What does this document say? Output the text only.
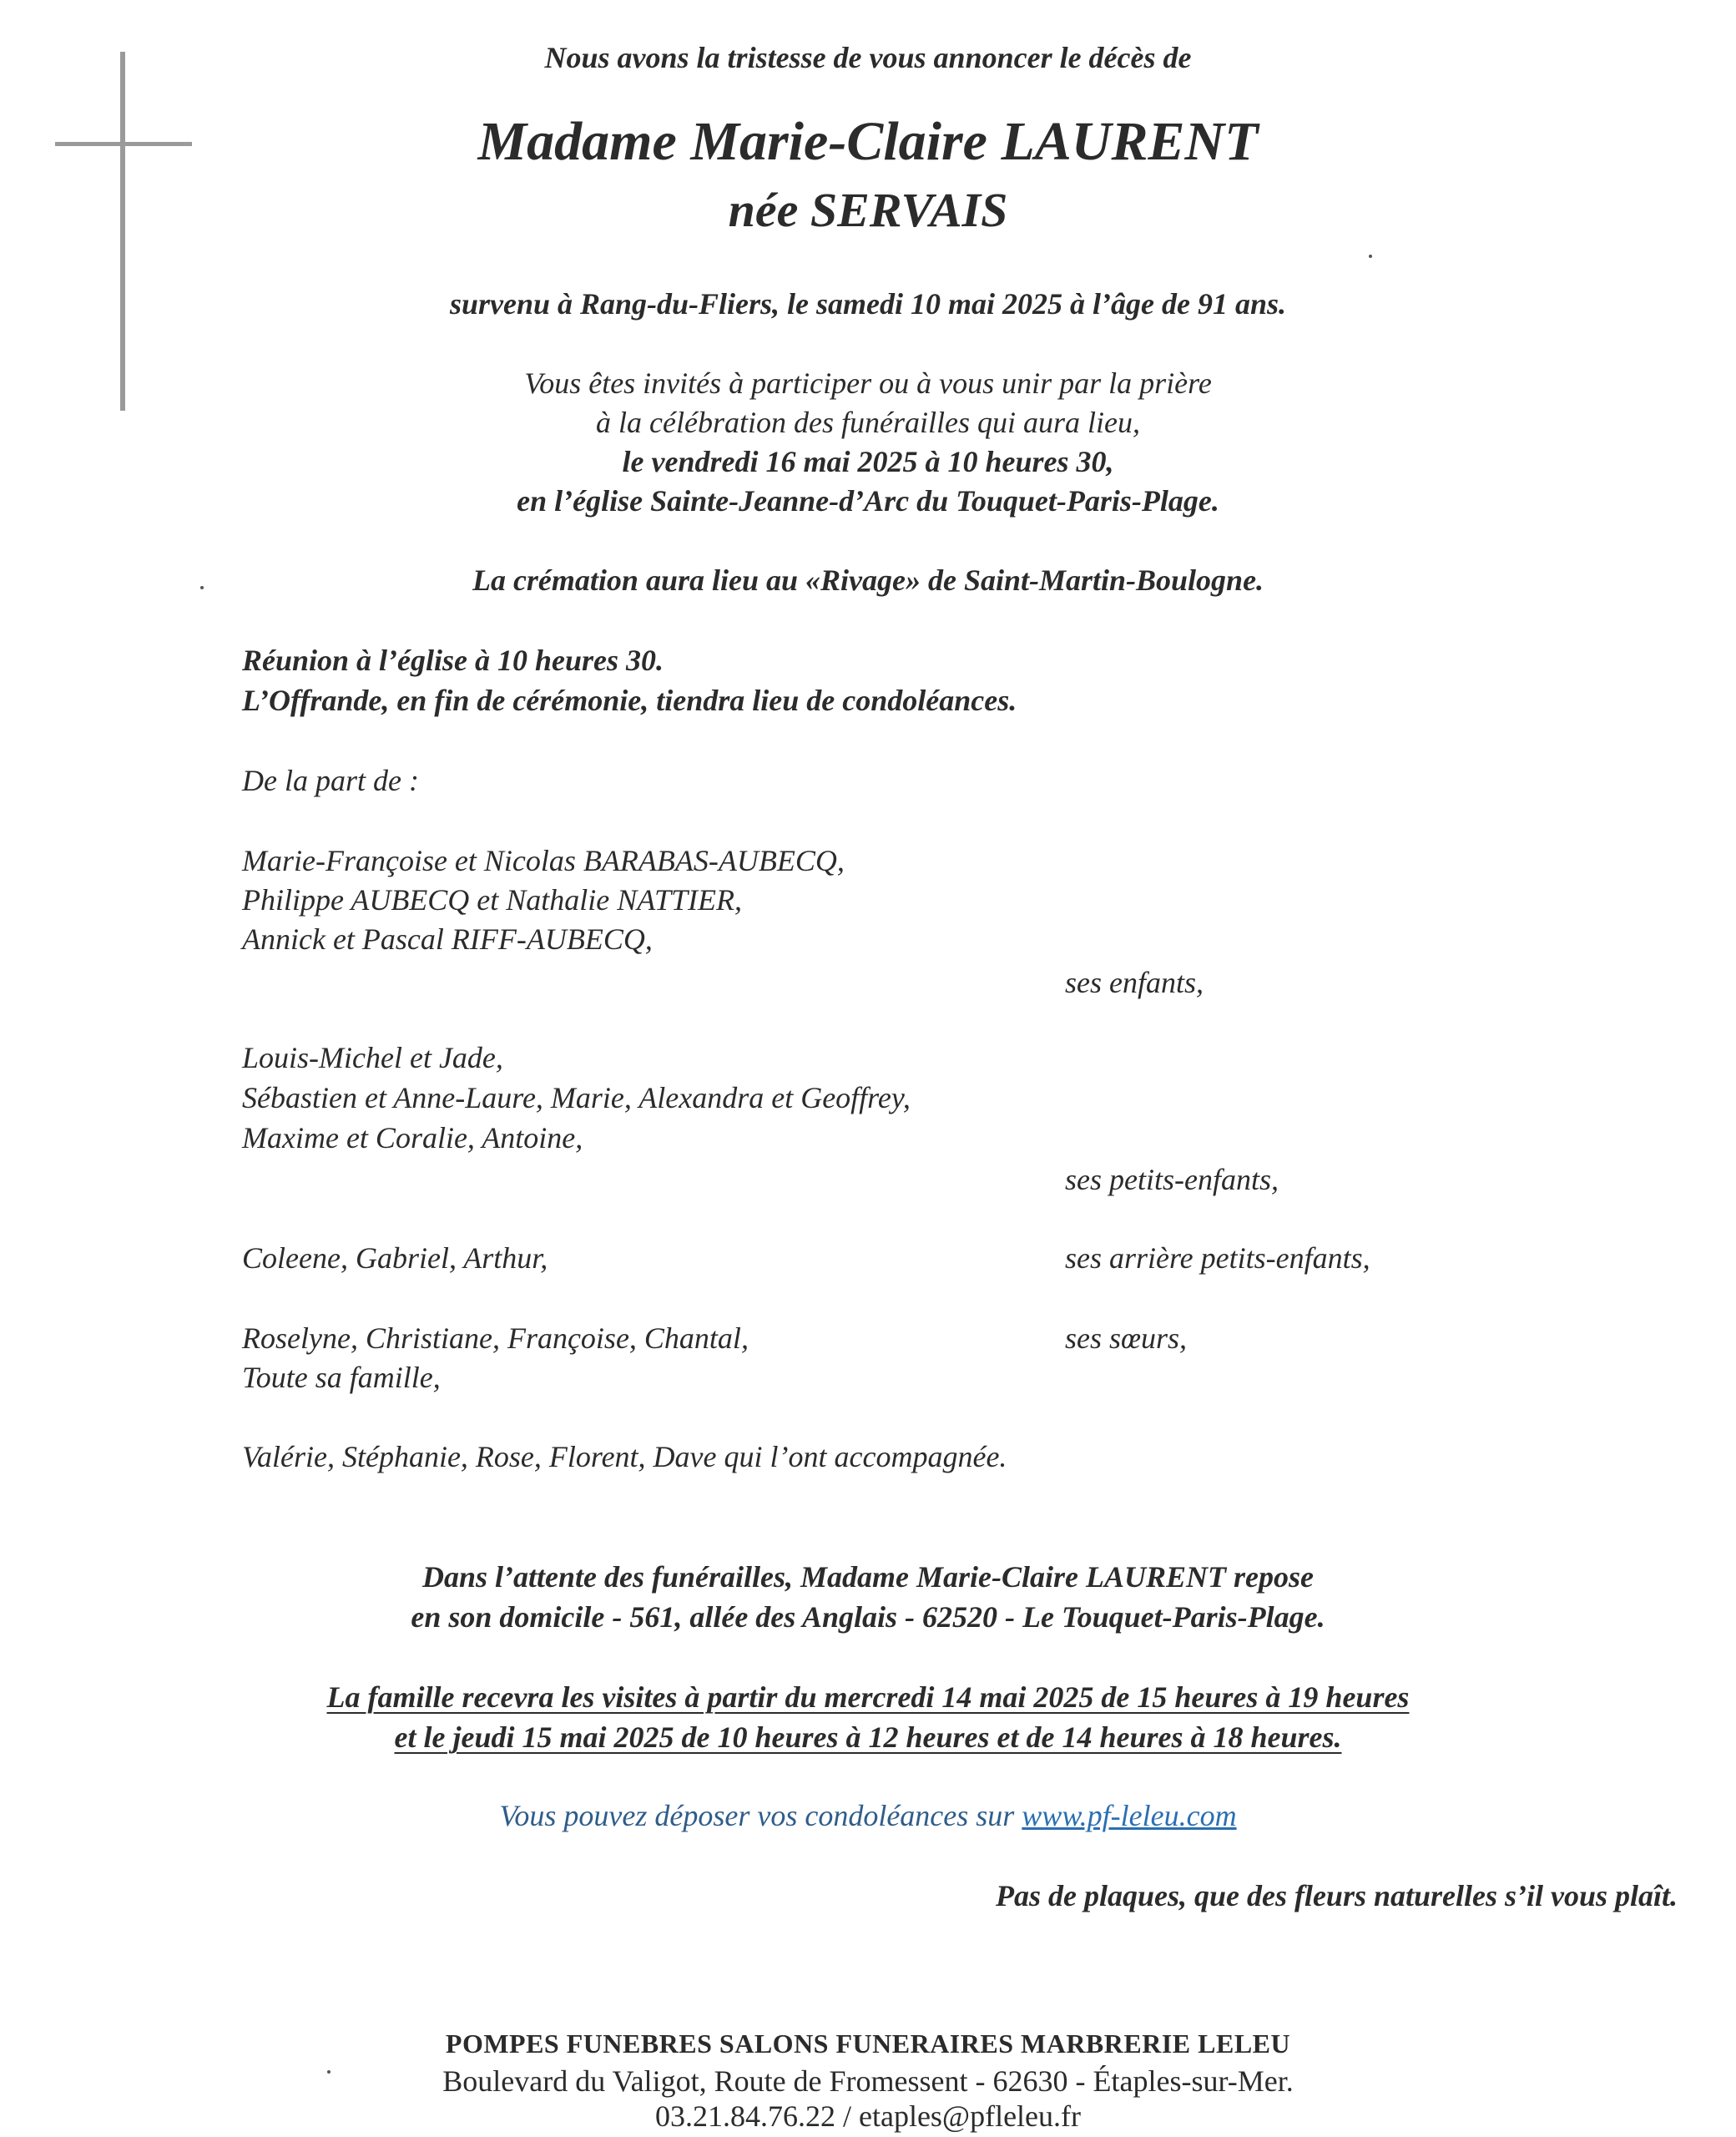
Nous avons la tristesse de vous annoncer le décès de
Madame Marie-Claire LAURENT
née SERVAIS
survenu à Rang-du-Fliers, le samedi 10 mai 2025 à l’âge de 91 ans.
Vous êtes invités à participer ou à vous unir par la prière
à la célébration des funérailles qui aura lieu,
le vendredi 16 mai 2025 à 10 heures 30,
en l’église Sainte-Jeanne-d’Arc du Touquet-Paris-Plage.
La crémation aura lieu au «Rivage» de Saint-Martin-Boulogne.
Réunion à l’église à 10 heures 30.
L’Offrande, en fin de cérémonie, tiendra lieu de condoléances.
De la part de :
Marie-Françoise et Nicolas BARABAS-AUBECQ,
Philippe AUBECQ et Nathalie NATTIER,
Annick et Pascal RIFF-AUBECQ,
ses enfants,
Louis-Michel et Jade,
Sébastien et Anne-Laure, Marie, Alexandra et Geoffrey,
Maxime et Coralie, Antoine,
ses petits-enfants,
Coleene, Gabriel, Arthur,	ses arrière petits-enfants,
Roselyne, Christiane, Françoise, Chantal,	ses sœurs,
Toute sa famille,
Valérie, Stéphanie, Rose, Florent, Dave qui l’ont accompagnée.
Dans l’attente des funérailles, Madame Marie-Claire LAURENT repose
en son domicile - 561, allée des Anglais - 62520 - Le Touquet-Paris-Plage.
La famille recevra les visites à partir du mercredi 14 mai 2025 de 15 heures à 19 heures
et le jeudi 15 mai 2025 de 10 heures à 12 heures et de 14 heures à 18 heures.
Vous pouvez déposer vos condoléances sur www.pf-leleu.com
Pas de plaques, que des fleurs naturelles s’il vous plaît.
POMPES FUNEBRES SALONS FUNERAIRES MARBRERIE LELEU
Boulevard du Valigot, Route de Fromessent - 62630 - Étaples-sur-Mer.
03.21.84.76.22 / etaples@pfleleu.fr
